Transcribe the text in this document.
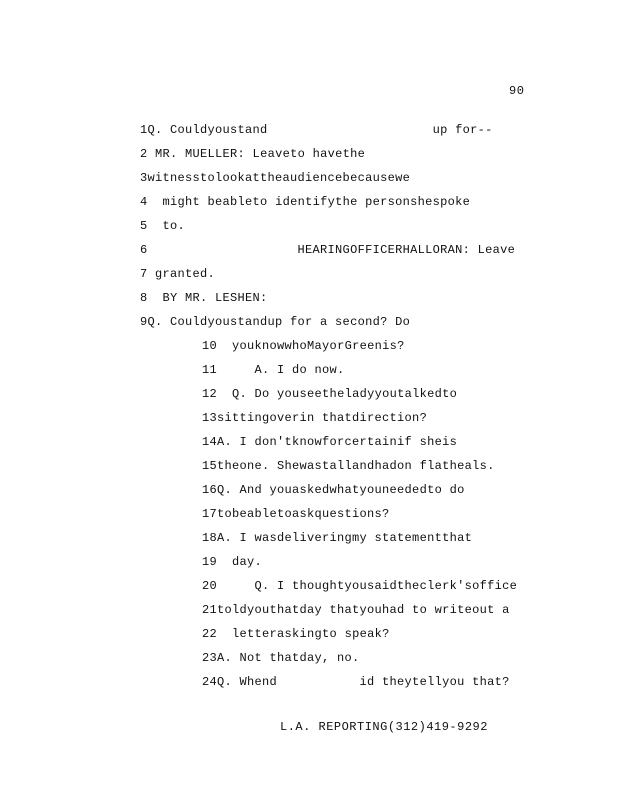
90

1Q. Couldyoustand                      up for--

2 MR. MUELLER: Leaveto havethe

3witnesstolookattheaudiencebecausewe

4 might beableto identifythe personshespoke

5 to.

6                    HEARINGOFFICERHALLORAN: Leave

7 granted.

8 BY MR. LESHEN:

9Q. Couldyoustandup for a second? Do

10 youknowwhoMayorGreenis?

11     A. I do now.

12 Q. Do youseetheladyyoutalkedto

13sittingoverin thatdirection?

14A. I don'tknowforcertainif sheis

15theone. Shewastallandhadon flatheals.

16Q. And youaskedwhatyouneededto do

17tobeabletoaskquestions?

18A. I wasdeliveringmy statementthat

19 day.

20     Q. I thoughtyousaidtheclerk'soffice

21toldyouthatday thatyouhad to writeout a

22 letteraskingto speak?

23A. Not thatday, no.

24Q. Whend           id theytellyou that?

L.A. REPORTING(312)419-9292
